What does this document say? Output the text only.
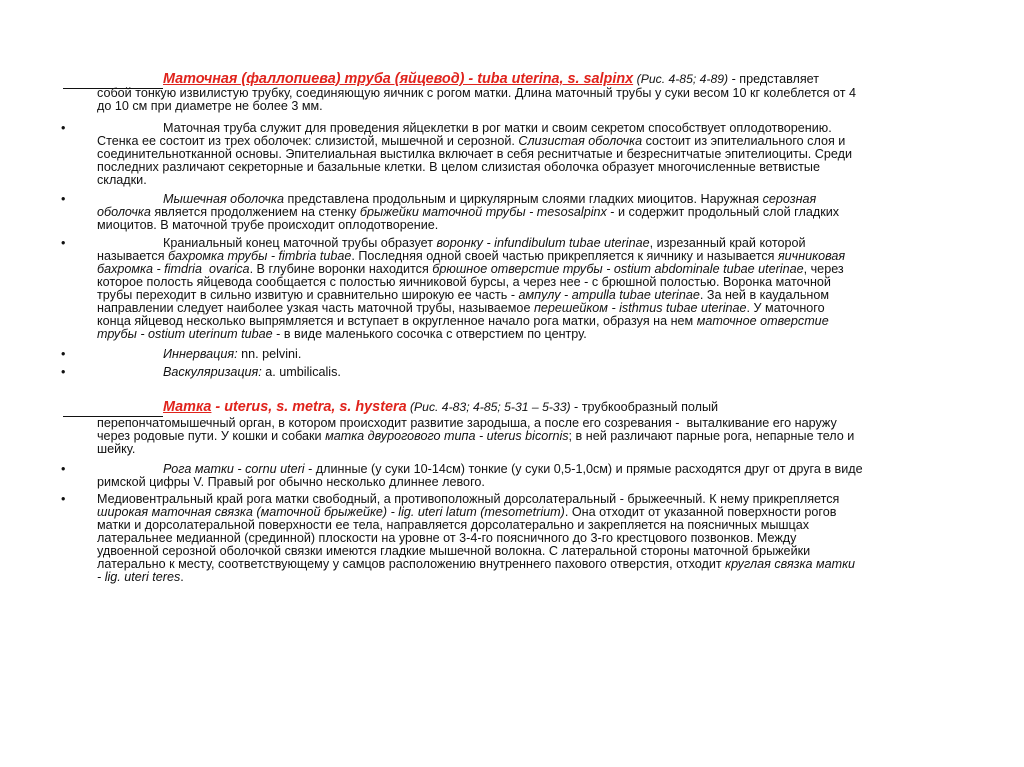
Маточная (фаллопиева) труба (яйцевод) - tuba uterina, s. salpinx (Рис. 4-85; 4-89) - представляет
собой тонкую извилистую трубку, соединяющую яичник с рогом матки. Длина маточный трубы у суки весом 10 кг колеблется от 4
до 10 см при диаметре не более 3 мм.
•	Маточная труба служит для проведения яйцеклетки в рог матки и своим секретом способствует оплодотворению.
Стенка ее состоит из трех оболочек: слизистой, мышечной и серозной. Слизистая оболочка состоит из эпителиального слоя и
соединительнотканной основы. Эпителиальная выстилка включает в себя реснитчатые и безреснитчатые эпителиоциты. Среди
последних различают секреторные и базальные клетки. В целом слизистая оболочка образует многочисленные ветвистые
складки.
•	Мышечная оболочка представлена продольным и циркулярным слоями гладких миоцитов. Наружная серозная
оболочка является продолжением на стенку брыжейки маточной трубы - mesosalpinx - и содержит продольный слой гладких
миоцитов. В маточной трубе происходит оплодотворение.
•	Краниальный конец маточной трубы образует воронку - infundibulum tubae uterinae, изрезанный край которой
называется бахромка трубы - fimbria tubae. Последняя одной своей частью прикрепляется к яичнику и называется яичниковая
бахромка - fimdria  ovarica. В глубине воронки находится брюшное отверстие трубы - ostium abdominale tubae uterinae, через
которое полость яйцевода сообщается с полостью яичниковой бурсы, а через нее - с брюшной полостью. Воронка маточной
трубы переходит в сильно извитую и сравнительно широкую ее часть - ампулу - ampulla tubae uterinae. За ней в каудальном
направлении следует наиболее узкая часть маточной трубы, называемое перешейком - isthmus tubae uterinae. У маточного
конца яйцевод несколько выпрямляется и вступает в округленное начало рога матки, образуя на нем маточное отверстие
трубы - ostium uterinum tubae - в виде маленького сосочка с отверстием по центру.
•	Иннервация: nn. pelvini.
•	Васкуляризация: a. umbilicalis.
Матка - uterus, s. metra, s. hystera (Рис. 4-83; 4-85; 5-31 – 5-33) - трубкообразный полый
перепончатомышечный орган, в котором происходит развитие зародыша, а после его созревания -  выталкивание его наружу
через родовые пути. У кошки и собаки матка двурогового типа - uterus bicornis; в ней различают парные рога, непарные тело и
шейку.
•	Рога матки - cornu uteri - длинные (у суки 10-14см) тонкие (у суки 0,5-1,0см) и прямые расходятся друг от друга в виде
римской цифры V. Правый рог обычно несколько длиннее левого.
•	Медиовентральный край рога матки свободный, а противоположный дорсолатеральный - брыжеечный. К нему прикрепляется
широкая маточная связка (маточной брыжейке) - lig. uteri latum (mesometrium). Она отходит от указанной поверхности рогов
матки и дорсолатеральной поверхности ее тела, направляется дорсолатерально и закрепляется на поясничных мышцах
латеральнее медианной (срединной) плоскости на уровне от 3-4-го поясничного до 3-го крестцового позвонков. Между
удвоенной серозной оболочкой связки имеются гладкие мышечной волокна. С латеральной стороны маточной брыжейки
латерально к месту, соответствующему у самцов расположению внутреннего пахового отверстия, отходит круглая связка матки
- lig. uteri teres.
